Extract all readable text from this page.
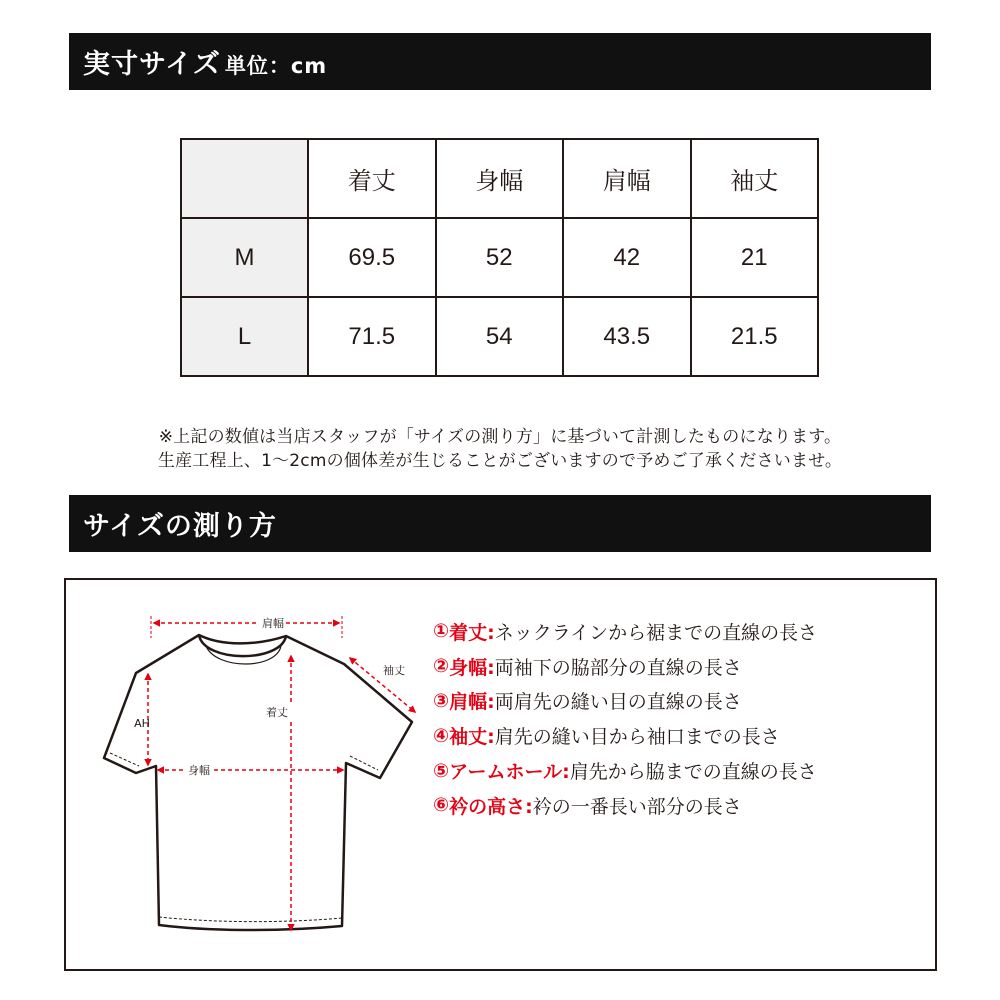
実寸サイズ 単位：cm
	着丈	身幅	肩幅	袖丈
M	69.5	52	42	21
L	71.5	54	43.5	21.5
※上記の数値は当店スタッフが「サイズの測り方」に基づいて計測したものになります。
生産工程上、1～2cmの個体差が生じることがございますので予めご了承くださいませ。
サイズの測り方
肩幅
袖丈
着丈
AH
身幅
① 着丈: ネックラインから裾までの直線の長さ
② 身幅: 両袖下の脇部分の直線の長さ
③ 肩幅: 両肩先の縫い目の直線の長さ
④ 袖丈: 肩先の縫い目から袖口までの長さ
⑤ アームホール: 肩先から脇までの直線の長さ
⑥ 衿の高さ: 衿の一番長い部分の長さ
